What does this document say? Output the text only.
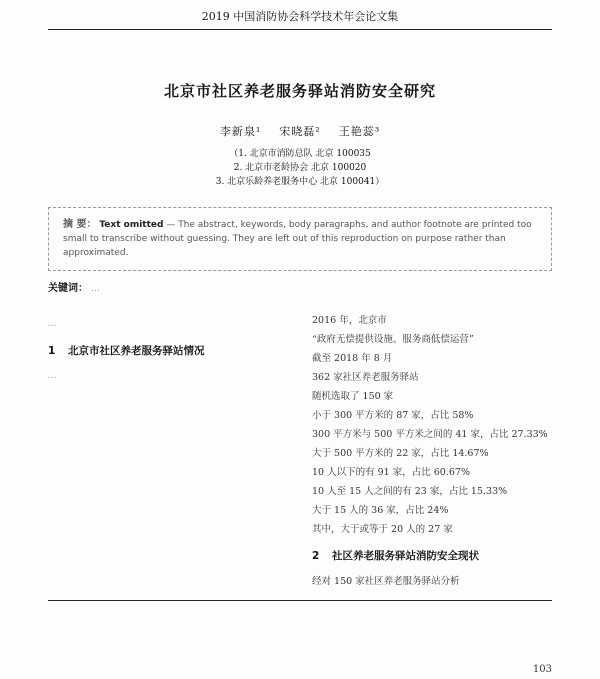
2019 中国消防协会科学技术年会论文集
北京市社区养老服务驿站消防安全研究
李新泉¹ 宋晓磊² 王艳蕊³
（1. 北京市消防总队 北京 100035
2. 北京市老龄协会 北京 100020
3. 北京乐龄养老服务中心 北京 100041）
摘 要： Text omitted — The abstract, keywords, body paragraphs, and author footnote are printed too small to transcribe without guessing. They are left out of this reproduction on purpose rather than approximated.
关键词： …
…
1 北京市社区养老服务驿站情况
…
2016 年，北京市
“政府无偿提供设施、服务商低偿运营”
截至 2018 年 8 月
362 家社区养老服务驿站
随机选取了 150 家
小于 300 平方米的 87 家，占比 58%
300 平方米与 500 平方米之间的 41 家，占比 27.33%
大于 500 平方米的 22 家，占比 14.67%
10 人以下的有 91 家，占比 60.67%
10 人至 15 人之间的有 23 家，占比 15.33%
大于 15 人的 36 家，占比 24%
其中，大于或等于 20 人的 27 家
2 社区养老服务驿站消防安全现状
经对 150 家社区养老服务驿站分析
103
